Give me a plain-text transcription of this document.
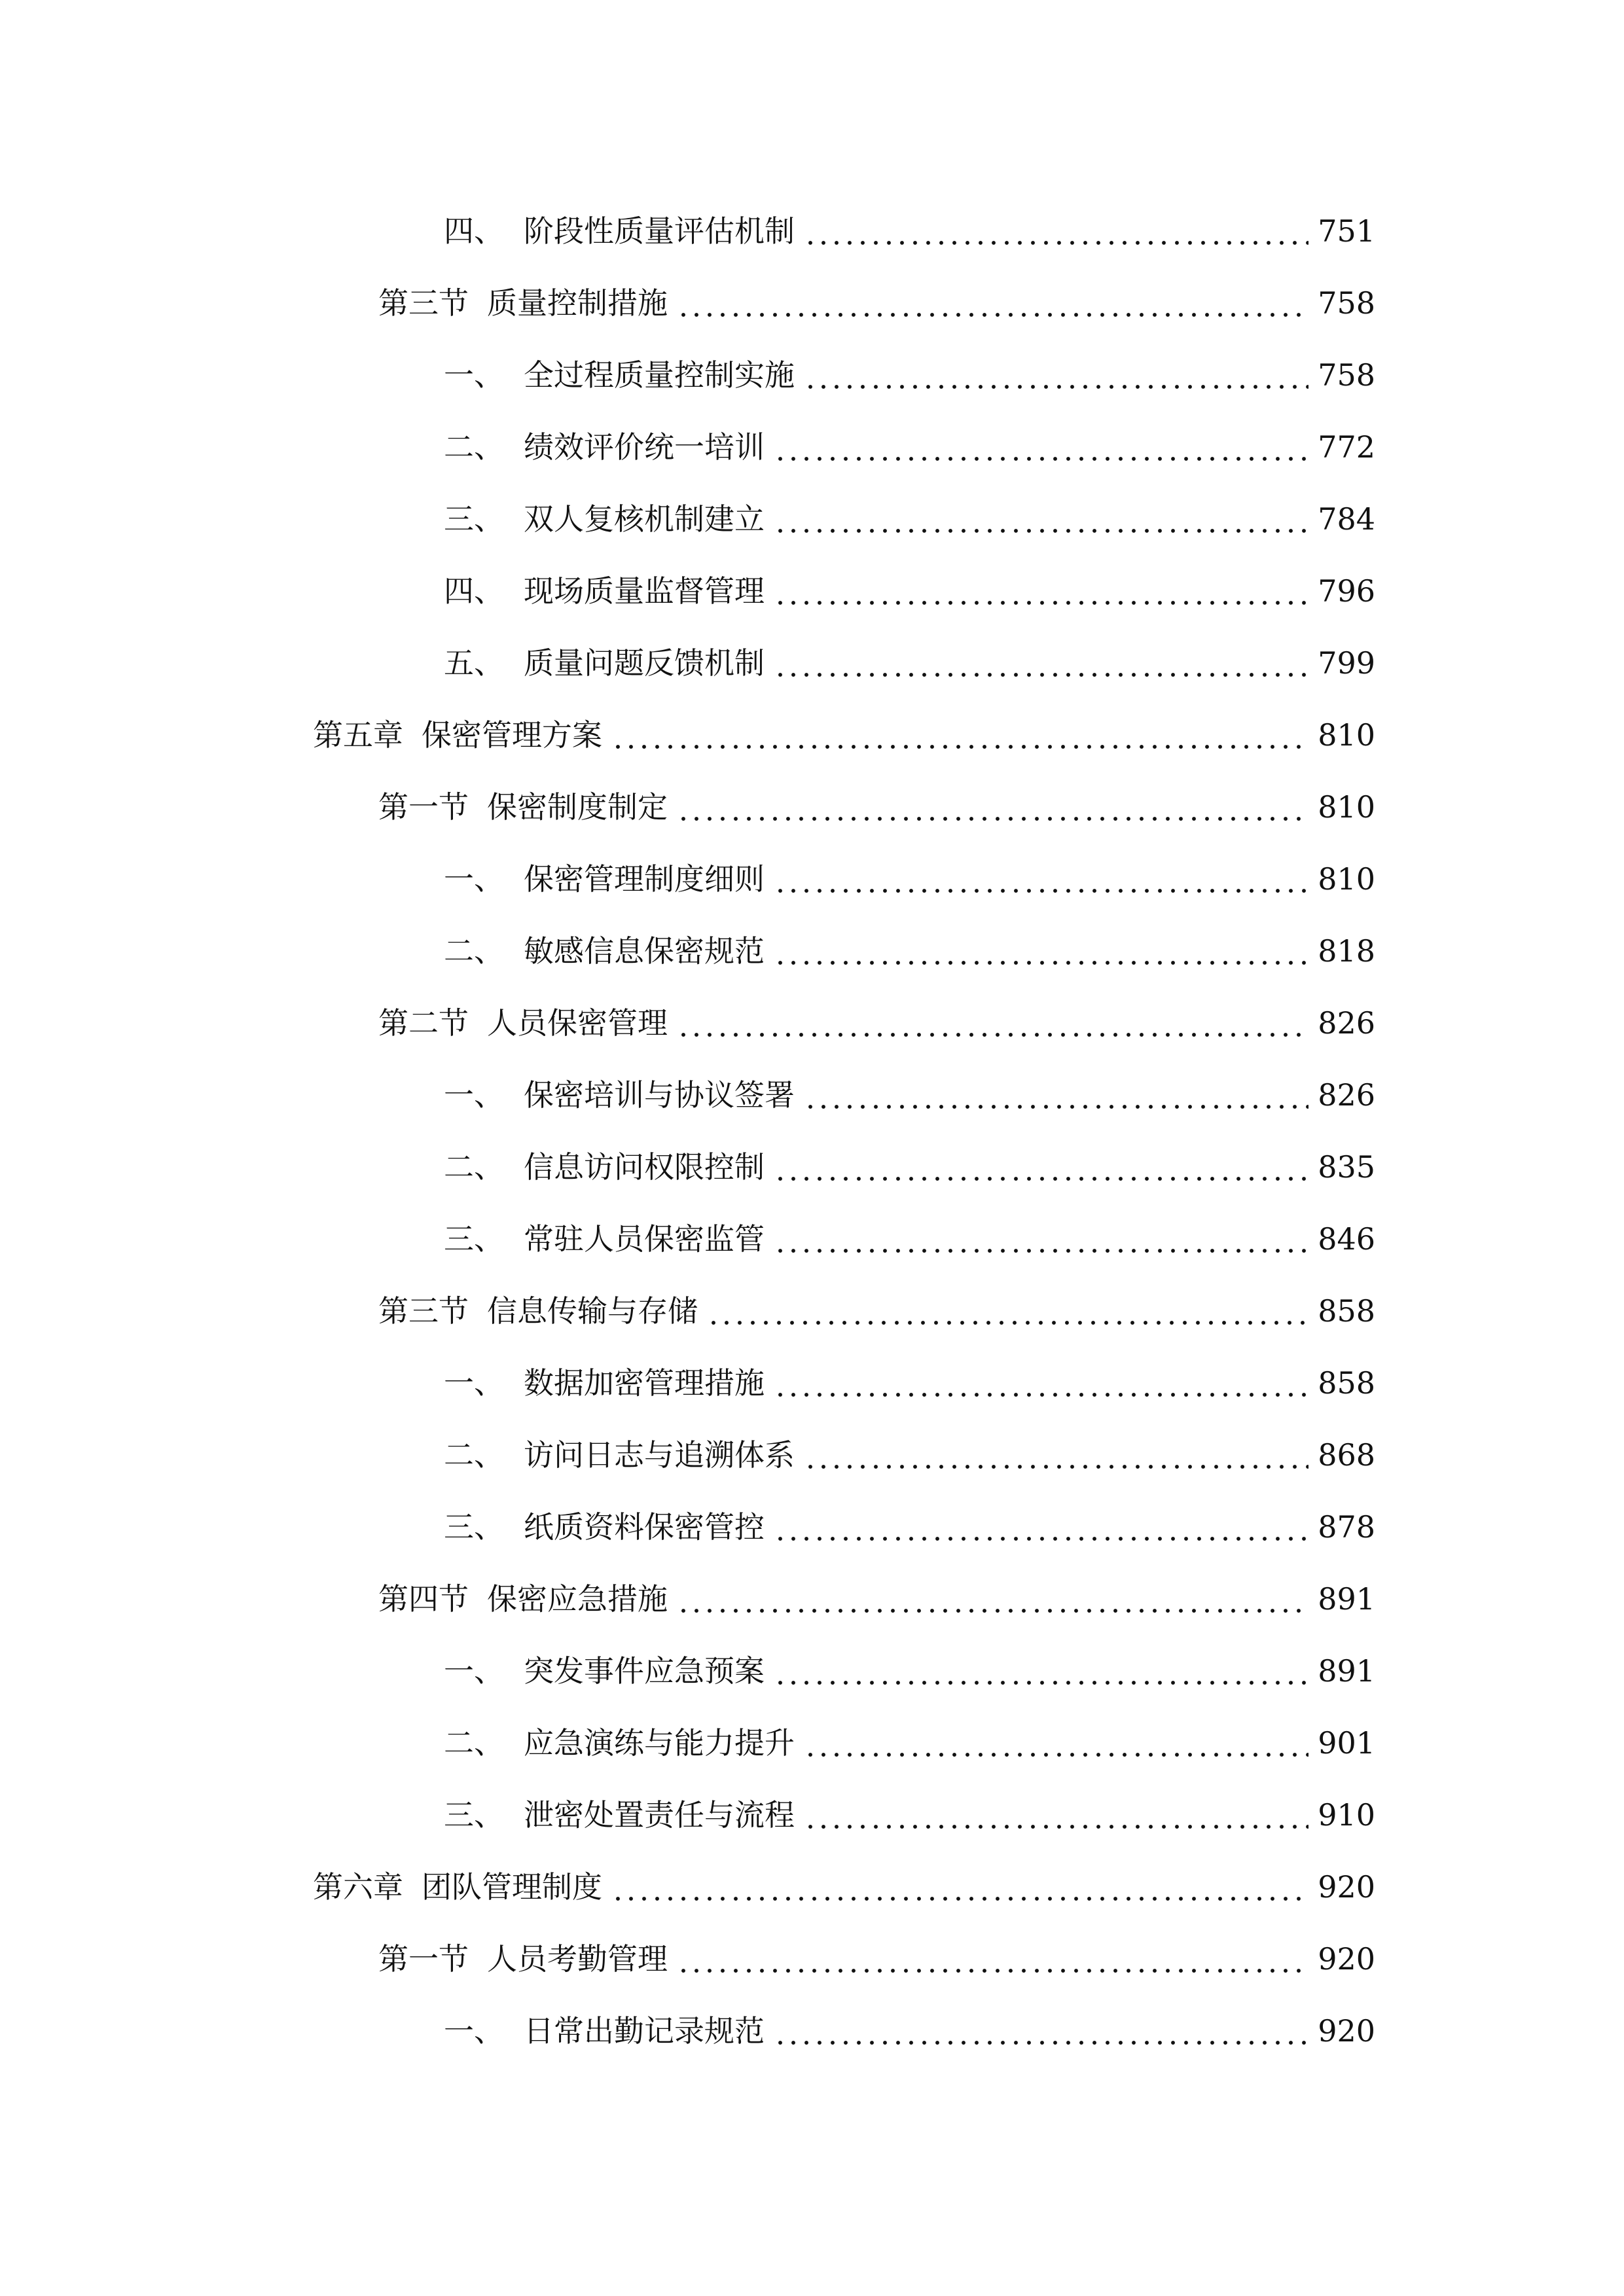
四、 阶段性质量评估机制	751
第三节 质量控制措施	758
一、 全过程质量控制实施	758
二、 绩效评价统一培训	772
三、 双人复核机制建立	784
四、 现场质量监督管理	796
五、 质量问题反馈机制	799
第五章 保密管理方案	810
第一节 保密制度制定	810
一、 保密管理制度细则	810
二、 敏感信息保密规范	818
第二节 人员保密管理	826
一、 保密培训与协议签署	826
二、 信息访问权限控制	835
三、 常驻人员保密监管	846
第三节 信息传输与存储	858
一、 数据加密管理措施	858
二、 访问日志与追溯体系	868
三、 纸质资料保密管控	878
第四节 保密应急措施	891
一、 突发事件应急预案	891
二、 应急演练与能力提升	901
三、 泄密处置责任与流程	910
第六章 团队管理制度	920
第一节 人员考勤管理	920
一、 日常出勤记录规范	920
